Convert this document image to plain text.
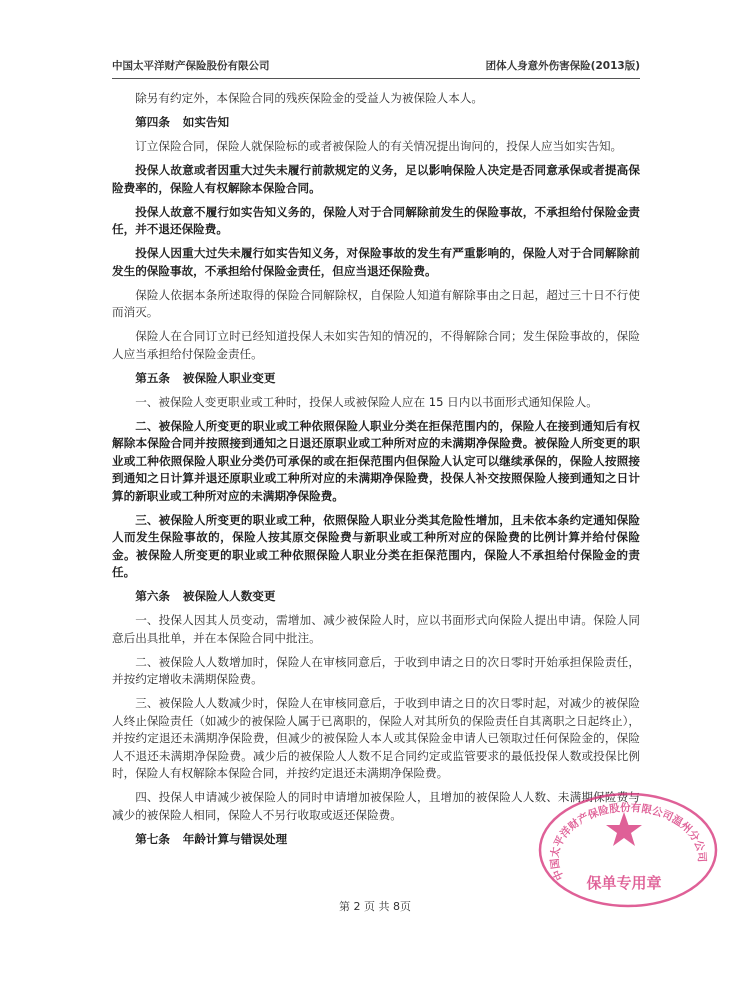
中国太平洋财产保险股份有限公司	团体人身意外伤害保险(2013版)

除另有约定外，本保险合同的残疾保险金的受益人为被保险人本人。

第四条 如实告知

订立保险合同，保险人就保险标的或者被保险人的有关情况提出询问的，投保人应当如实告知。

投保人故意或者因重大过失未履行前款规定的义务，足以影响保险人决定是否同意承保或者提高保险费率的，保险人有权解除本保险合同。

投保人故意不履行如实告知义务的，保险人对于合同解除前发生的保险事故，不承担给付保险金责任，并不退还保险费。

投保人因重大过失未履行如实告知义务，对保险事故的发生有严重影响的，保险人对于合同解除前发生的保险事故，不承担给付保险金责任，但应当退还保险费。

保险人依据本条所述取得的保险合同解除权，自保险人知道有解除事由之日起，超过三十日不行使而消灭。

保险人在合同订立时已经知道投保人未如实告知的情况的，不得解除合同；发生保险事故的，保险人应当承担给付保险金责任。

第五条 被保险人职业变更

一、被保险人变更职业或工种时，投保人或被保险人应在 15 日内以书面形式通知保险人。

二、被保险人所变更的职业或工种依照保险人职业分类在拒保范围内的，保险人在接到通知后有权解除本保险合同并按照接到通知之日退还原职业或工种所对应的未满期净保险费。被保险人所变更的职业或工种依照保险人职业分类仍可承保的或在拒保范围内但保险人认定可以继续承保的，保险人按照接到通知之日计算并退还原职业或工种所对应的未满期净保险费，投保人补交按照保险人接到通知之日计算的新职业或工种所对应的未满期净保险费。

三、被保险人所变更的职业或工种，依照保险人职业分类其危险性增加，且未依本条约定通知保险人而发生保险事故的，保险人按其原交保险费与新职业或工种所对应的保险费的比例计算并给付保险金。被保险人所变更的职业或工种依照保险人职业分类在拒保范围内，保险人不承担给付保险金的责任。

第六条 被保险人人数变更

一、投保人因其人员变动，需增加、减少被保险人时，应以书面形式向保险人提出申请。保险人同意后出具批单，并在本保险合同中批注。

二、被保险人人数增加时，保险人在审核同意后，于收到申请之日的次日零时开始承担保险责任，并按约定增收未满期保险费。

三、被保险人人数减少时，保险人在审核同意后，于收到申请之日的次日零时起，对减少的被保险人终止保险责任（如减少的被保险人属于已离职的，保险人对其所负的保险责任自其离职之日起终止），并按约定退还未满期净保险费，但减少的被保险人本人或其保险金申请人已领取过任何保险金的，保险人不退还未满期净保险费。减少后的被保险人人数不足合同约定或监管要求的最低投保人数或投保比例时，保险人有权解除本保险合同，并按约定退还未满期净保险费。

四、投保人申请减少被保险人的同时申请增加被保险人，且增加的被保险人人数、未满期保险费与减少的被保险人相同，保险人不另行收取或返还保险费。

第七条 年龄计算与错误处理
第 2 页 共 8页
中国太平洋财产保险股份有限公司温州分公司
保单专用章
